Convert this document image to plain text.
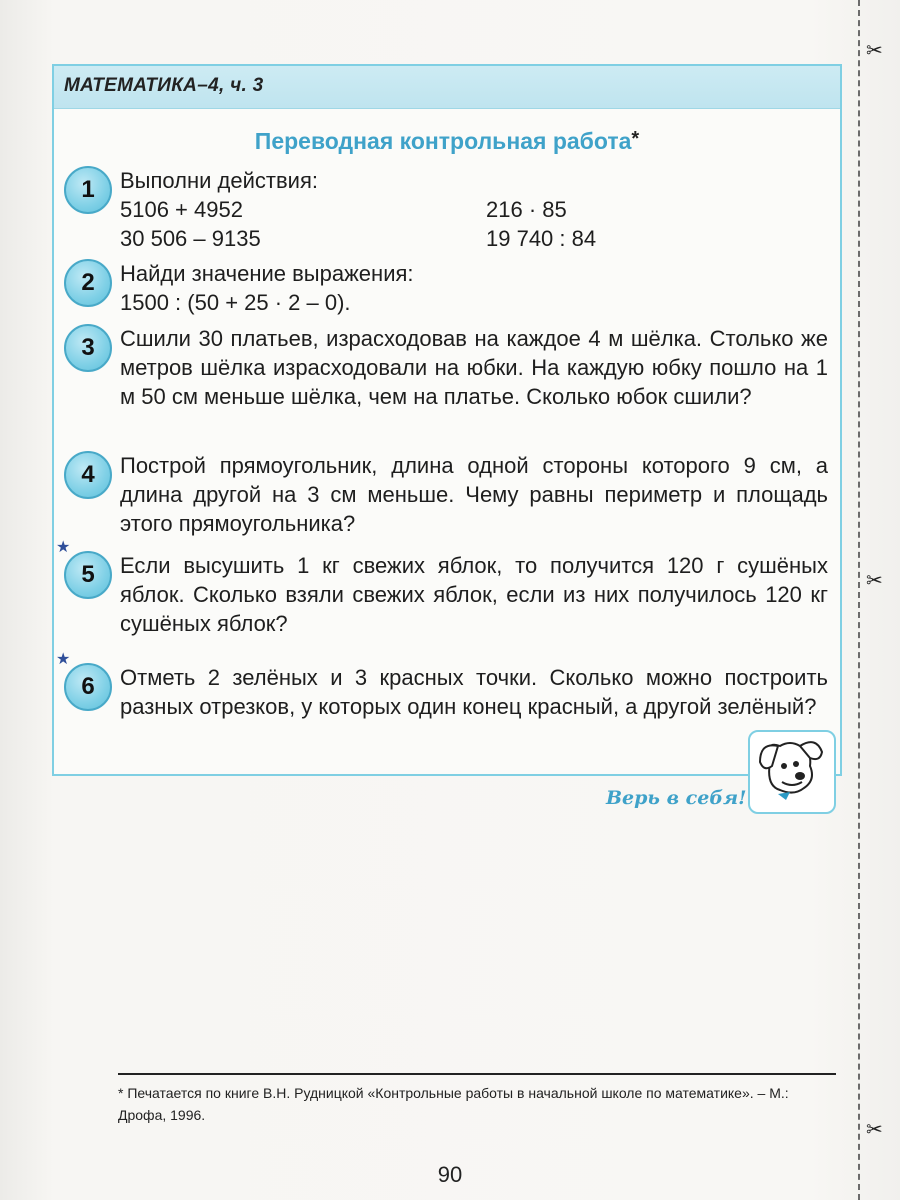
✂
✂
✂
МАТЕМАТИКА–4, ч. 3
Переводная контрольная работа*
1	Выполни действия:
5106 + 4952	216 · 85
30 506 – 9135	19 740 : 84
2	Найди значение выражения:
1500 : (50 + 25 · 2 – 0).
3	Сшили 30 платьев, израсходовав на каждое 4 м шёлка. Столько же метров шёлка израсходовали на юбки. На каждую юбку пошло на 1 м 50 см меньше шёлка, чем на платье. Сколько юбок сшили?
4	Построй прямоугольник, длина одной стороны которого 9 см, а длина другой на 3 см меньше. Чему равны периметр и площадь этого прямоугольника?
★
5	Если высушить 1 кг свежих яблок, то получится 120 г сушёных яблок. Сколько взяли свежих яблок, если из них получилось 120 кг сушёных яблок?
★
6	Отметь 2 зелёных и 3 красных точки. Сколько можно построить разных отрезков, у которых один конец красный, а другой зелёный?
Верь в себя!
* Печатается по книге В.Н. Рудницкой «Контрольные работы в начальной школе по математике». – М.: Дрофа, 1996.
90
